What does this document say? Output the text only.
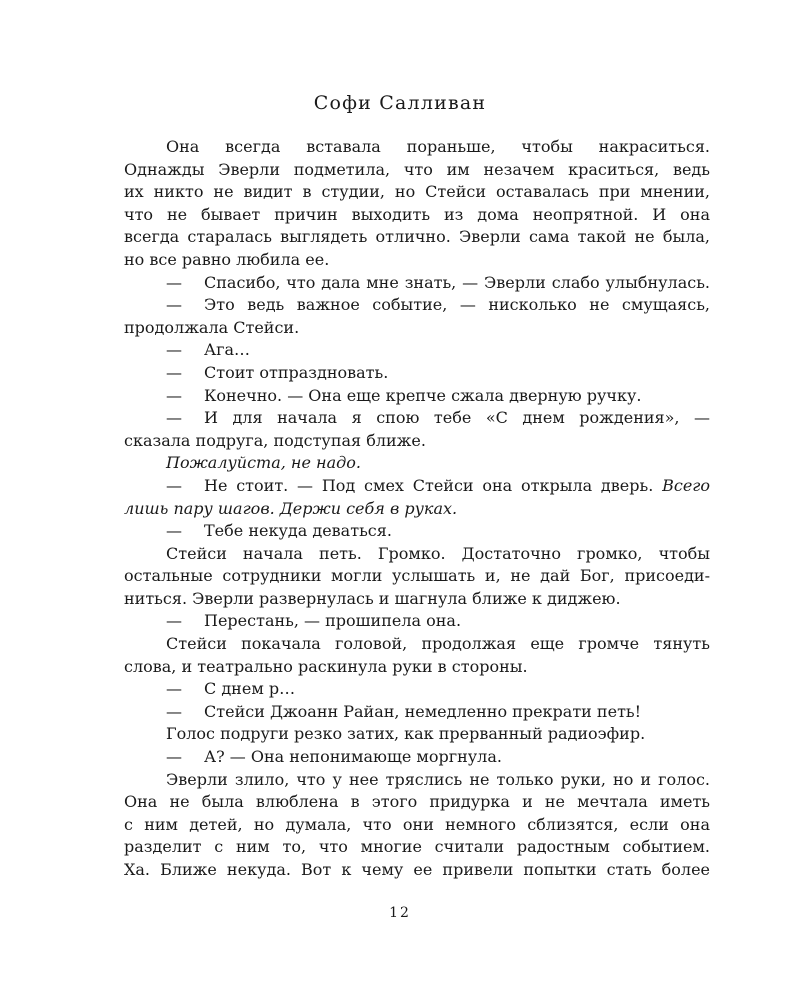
Софи Салливан
Она всегда вставала пораньше, чтобы накраситься.
Однажды Эверли подметила, что им незачем краситься, ведь
их никто не видит в студии, но Стейси оставалась при мнении,
что не бывает причин выходить из дома неопрятной. И она
всегда старалась выглядеть отлично. Эверли сама такой не была,
но все равно любила ее.
— Спасибо, что дала мне знать, — Эверли слабо улыбнулась.
— Это ведь важное событие, — нисколько не смущаясь,
продолжала Стейси.
— Ага…
— Стоит отпраздновать.
— Конечно. — Она еще крепче сжала дверную ручку.
— И для начала я спою тебе «С днем рождения», —
сказала подруга, подступая ближе.
Пожалуйста, не надо.
— Не стоит. — Под смех Стейси она открыла дверь. Всего
лишь пару шагов. Держи себя в руках.
— Тебе некуда деваться.
Стейси начала петь. Громко. Достаточно громко, чтобы
остальные сотрудники могли услышать и, не дай Бог, присоеди-
ниться. Эверли развернулась и шагнула ближе к диджею.
— Перестань, — прошипела она.
Стейси покачала головой, продолжая еще громче тянуть
слова, и театрально раскинула руки в стороны.
— С днем р…
— Стейси Джоанн Райан, немедленно прекрати петь!
Голос подруги резко затих, как прерванный радиоэфир.
— А? — Она непонимающе моргнула.
Эверли злило, что у нее тряслись не только руки, но и голос.
Она не была влюблена в этого придурка и не мечтала иметь
с ним детей, но думала, что они немного сблизятся, если она
разделит с ним то, что многие считали радостным событием.
Ха. Ближе некуда. Вот к чему ее привели попытки стать более
12
